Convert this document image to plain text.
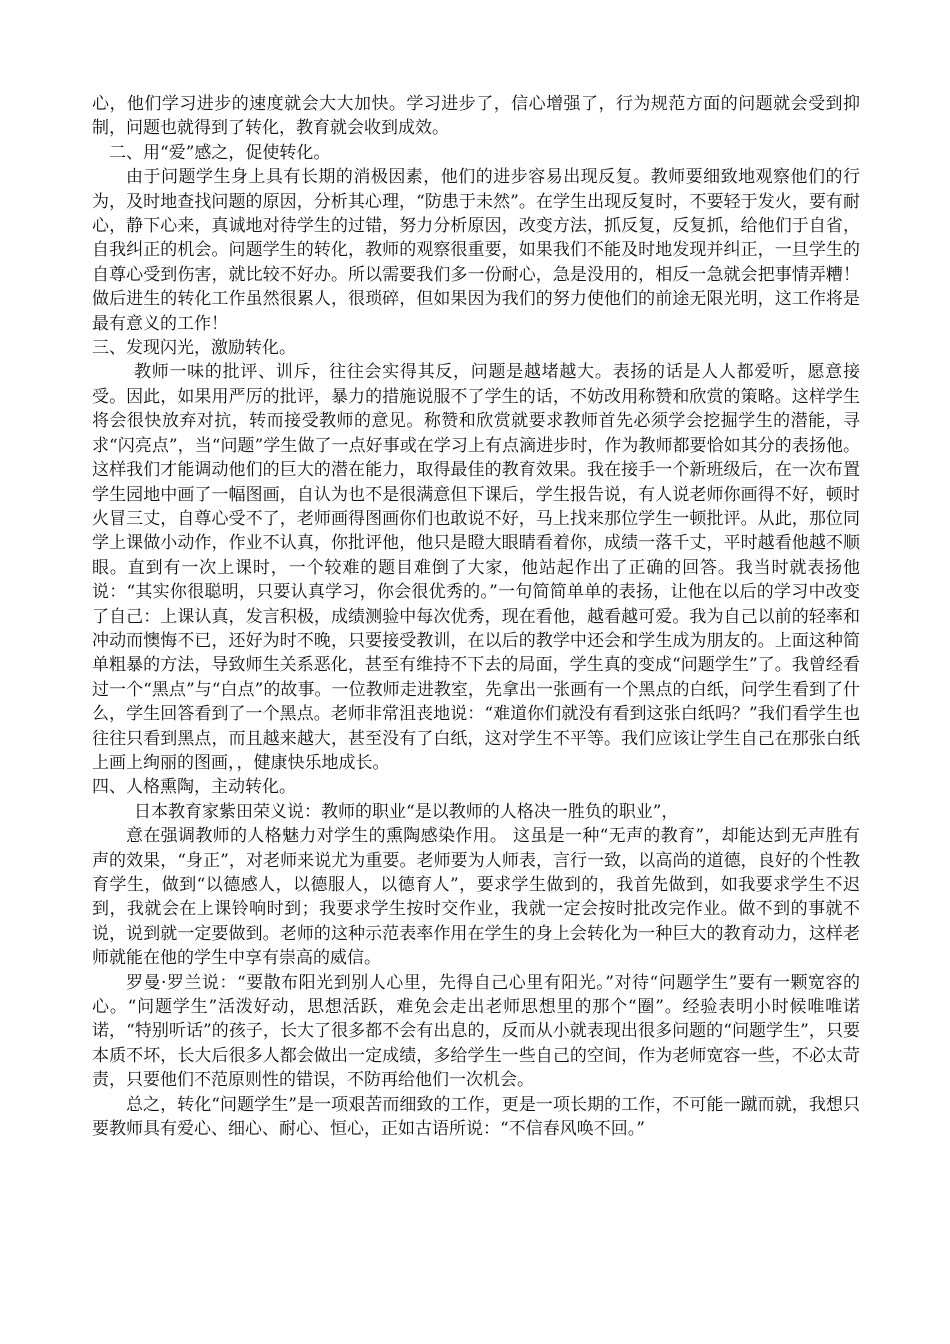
心，他们学习进步的速度就会大大加快。学习进步了，信心增强了，行为规范方面的问题就会受到抑制，问题也就得到了转化，教育就会收到成效。

二、用“爱”感之，促使转化。

由于问题学生身上具有长期的消极因素，他们的进步容易出现反复。教师要细致地观察他们的行为，及时地查找问题的原因，分析其心理，“防患于未然”。在学生出现反复时，不要轻于发火，要有耐心，静下心来，真诚地对待学生的过错，努力分析原因，改变方法，抓反复，反复抓，给他们于自省，自我纠正的机会。问题学生的转化，教师的观察很重要，如果我们不能及时地发现并纠正，一旦学生的自尊心受到伤害，就比较不好办。所以需要我们多一份耐心，急是没用的，相反一急就会把事情弄糟！做后进生的转化工作虽然很累人，很琐碎，但如果因为我们的努力使他们的前途无限光明，这工作将是最有意义的工作！

三、发现闪光，激励转化。

教师一味的批评、训斥，往往会实得其反，问题是越堵越大。表扬的话是人人都爱听，愿意接受。因此，如果用严厉的批评，暴力的措施说服不了学生的话，不妨改用称赞和欣赏的策略。这样学生将会很快放弃对抗，转而接受教师的意见。称赞和欣赏就要求教师首先必须学会挖掘学生的潜能，寻求“闪亮点”，当“问题”学生做了一点好事或在学习上有点滴进步时，作为教师都要恰如其分的表扬他。这样我们才能调动他们的巨大的潜在能力，取得最佳的教育效果。我在接手一个新班级后，在一次布置学生园地中画了一幅图画，自认为也不是很满意但下课后，学生报告说，有人说老师你画得不好，顿时火冒三丈，自尊心受不了，老师画得图画你们也敢说不好，马上找来那位学生一顿批评。从此，那位同学上课做小动作，作业不认真，你批评他，他只是瞪大眼睛看着你，成绩一落千丈，平时越看他越不顺眼。直到有一次上课时，一个较难的题目难倒了大家，他站起作出了正确的回答。我当时就表扬他说：“其实你很聪明，只要认真学习，你会很优秀的。”一句简简单单的表扬，让他在以后的学习中改变了自己：上课认真，发言积极，成绩测验中每次优秀，现在看他，越看越可爱。我为自己以前的轻率和冲动而懊悔不已，还好为时不晚，只要接受教训，在以后的教学中还会和学生成为朋友的。上面这种简单粗暴的方法，导致师生关系恶化，甚至有维持不下去的局面，学生真的变成“问题学生”了。我曾经看过一个“黑点”与“白点”的故事。一位教师走进教室，先拿出一张画有一个黑点的白纸，问学生看到了什么，学生回答看到了一个黑点。老师非常沮丧地说：“难道你们就没有看到这张白纸吗？”我们看学生也往往只看到黑点，而且越来越大，甚至没有了白纸，这对学生不平等。我们应该让学生自己在那张白纸上画上绚丽的图画，，健康快乐地成长。

四、人格熏陶，主动转化。

日本教育家紫田荣义说：教师的职业“是以教师的人格决一胜负的职业”，

意在强调教师的人格魅力对学生的熏陶感染作用。 这虽是一种“无声的教育”，却能达到无声胜有声的效果，“身正”，对老师来说尤为重要。老师要为人师表，言行一致，以高尚的道德，良好的个性教育学生，做到“以德感人，以德服人，以德育人”，要求学生做到的，我首先做到，如我要求学生不迟到，我就会在上课铃响时到；我要求学生按时交作业，我就一定会按时批改完作业。做不到的事就不说，说到就一定要做到。老师的这种示范表率作用在学生的身上会转化为一种巨大的教育动力，这样老师就能在他的学生中享有崇高的威信。

罗曼·罗兰说：“要散布阳光到别人心里，先得自己心里有阳光。”对待“问题学生”要有一颗宽容的心。“问题学生”活泼好动，思想活跃，难免会走出老师思想里的那个“圈”。经验表明小时候唯唯诺诺，“特别听话”的孩子，长大了很多都不会有出息的，反而从小就表现出很多问题的“问题学生”，只要本质不坏，长大后很多人都会做出一定成绩，多给学生一些自己的空间，作为老师宽容一些，不必太苛责，只要他们不范原则性的错误，不防再给他们一次机会。

总之，转化“问题学生”是一项艰苦而细致的工作，更是一项长期的工作，不可能一蹴而就，我想只要教师具有爱心、细心、耐心、恒心，正如古语所说：“不信春风唤不回。”
